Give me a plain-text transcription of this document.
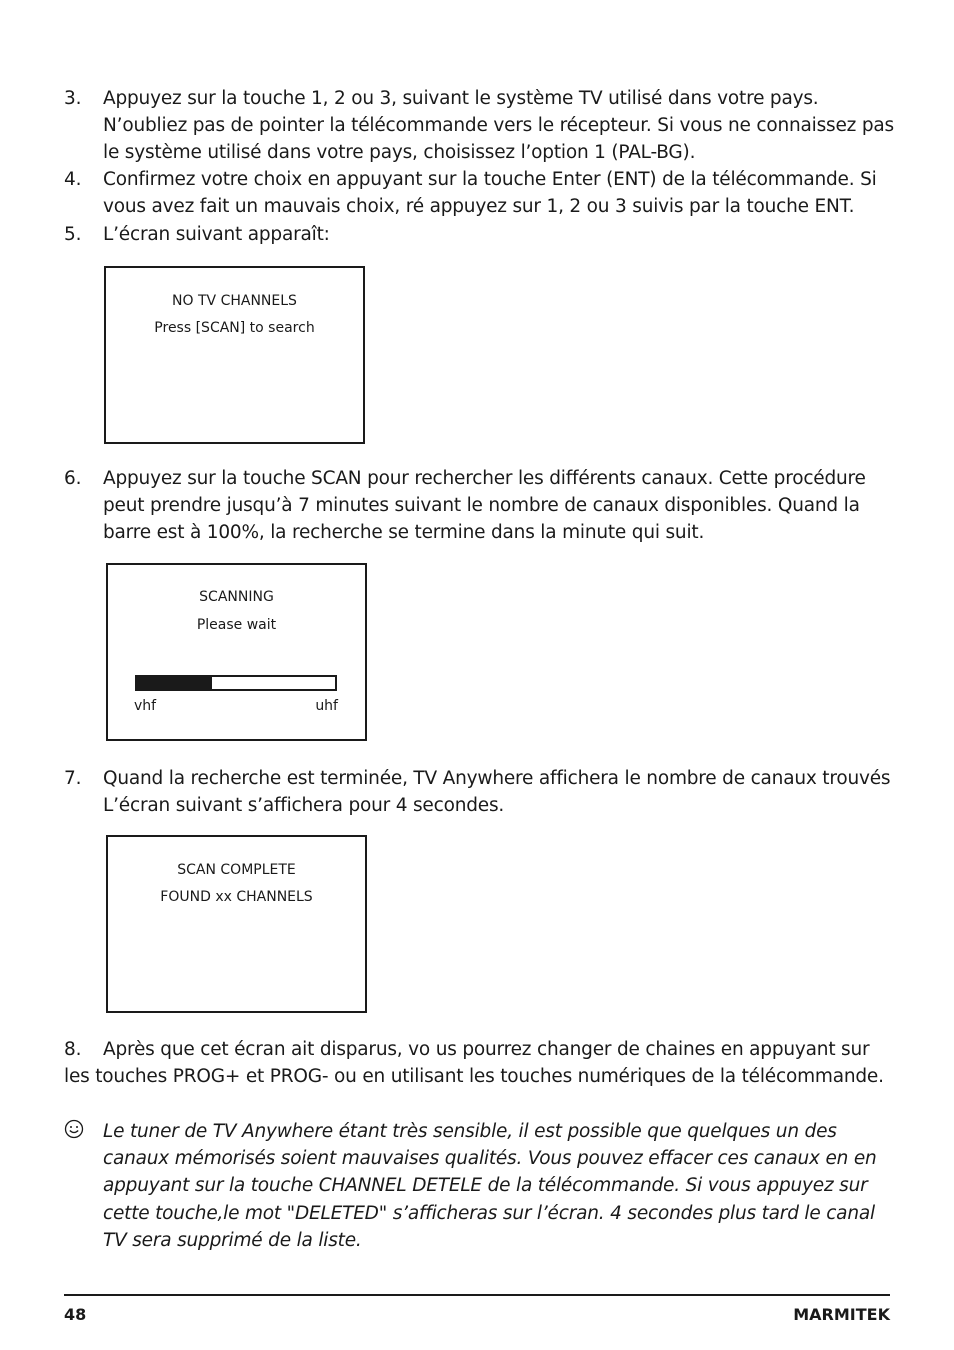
3. Appuyez sur la touche 1, 2 ou 3, suivant le système TV utilisé dans votre pays. N’oubliez pas de pointer la télécommande vers le récepteur. Si vous ne connaissez pas le système utilisé dans votre pays, choisissez l’option 1 (PAL-BG).
4. Confirmez votre choix en appuyant sur la touche Enter (ENT) de la télécommande. Si vous avez fait un mauvais choix, ré appuyez sur 1, 2 ou 3 suivis par la touche ENT.
5. L’écran suivant apparaît:
NO TV CHANNELS
Press [SCAN] to search
6. Appuyez sur la touche SCAN pour rechercher les différents canaux. Cette procédure peut prendre jusqu’à 7 minutes suivant le nombre de canaux disponibles. Quand la barre est à 100%, la recherche se termine dans la minute qui suit.
SCANNING
Please wait
vhf	uhf
7. Quand la recherche est terminée, TV Anywhere affichera le nombre de canaux trouvés L’écran suivant s’affichera pour 4 secondes.
SCAN COMPLETE
FOUND xx CHANNELS
8. Après que cet écran ait disparus, vo us pourrez changer de chaines en appuyant sur les touches PROG+ et PROG- ou en utilisant les touches numériques de la télécommande.
Le tuner de TV Anywhere étant très sensible, il est possible que quelques un des canaux mémorisés soient mauvaises qualités. Vous pouvez effacer ces canaux en en appuyant sur la touche CHANNEL DETELE de la télécommande. Si vous appuyez sur cette touche,le mot "DELETED" s’afficheras sur l’écran. 4 secondes plus tard le canal TV sera supprimé de la liste.
48	MARMITEK
